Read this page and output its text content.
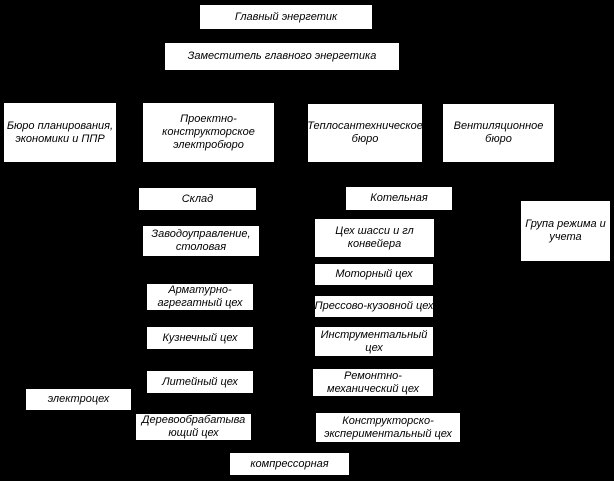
Главный энергетик
Заместитель главного энергетика
Бюро планирования, экономики и ППР
Проектно-конструкторское электробюро
Теплосантехническое бюро
Вентиляционное бюро
Склад	Котельная
Група режима и учета
Заводоуправление, столовая
Цех шасси и гл конвейера
Моторный цех
Арматурно-агрегатный цех	Прессово-кузовной цех
Кузнечный цех	Инструментальный цех
Литейный цех	Ремонтно-механический цех
электроцех
Деревообрабатывающий цех
Конструкторско-экспериментальный цех
компрессорная
